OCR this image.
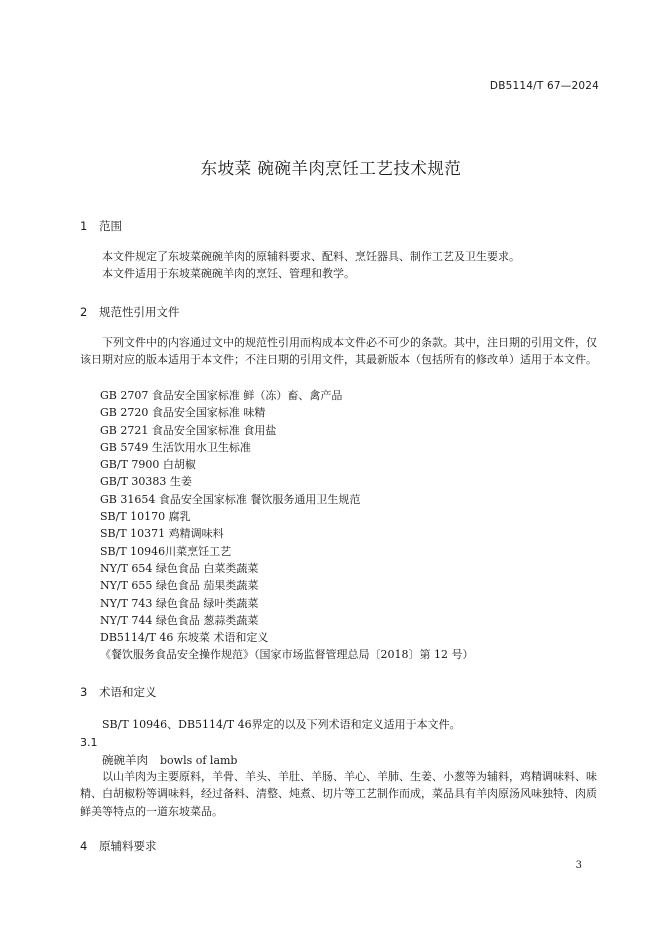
DB5114/T 67—2024
东坡菜 碗碗羊肉烹饪工艺技术规范
1 范围
本文件规定了东坡菜碗碗羊肉的原辅料要求、配料、烹饪器具、制作工艺及卫生要求。
本文件适用于东坡菜碗碗羊肉的烹饪、管理和教学。
2 规范性引用文件
下列文件中的内容通过文中的规范性引用而构成本文件必不可少的条款。其中，注日期的引用文件，仅该日期对应的版本适用于本文件；不注日期的引用文件，其最新版本（包括所有的修改单）适用于本文件。
GB 2707 食品安全国家标准 鲜（冻）畜、禽产品
GB 2720 食品安全国家标准 味精
GB 2721 食品安全国家标准 食用盐
GB 5749 生活饮用水卫生标准
GB/T 7900 白胡椒
GB/T 30383 生姜
GB 31654 食品安全国家标准 餐饮服务通用卫生规范
SB/T 10170 腐乳
SB/T 10371 鸡精调味料
SB/T 10946川菜烹饪工艺
NY/T 654 绿色食品 白菜类蔬菜
NY/T 655 绿色食品 茄果类蔬菜
NY/T 743 绿色食品 绿叶类蔬菜
NY/T 744 绿色食品 葱蒜类蔬菜
DB5114/T 46 东坡菜 术语和定义
《餐饮服务食品安全操作规范》（国家市场监督管理总局〔2018〕第 12 号）
3 术语和定义
SB/T 10946、DB5114/T 46界定的以及下列术语和定义适用于本文件。
3.1
碗碗羊肉 bowls of lamb
以山羊肉为主要原料，羊骨、羊头、羊肚、羊肠、羊心、羊肺、生姜、小葱等为辅料，鸡精调味料、味精、白胡椒粉等调味料，经过备料、清整、炖煮、切片等工艺制作而成，菜品具有羊肉原汤风味独特、肉质鲜美等特点的一道东坡菜品。
4 原辅料要求
3
